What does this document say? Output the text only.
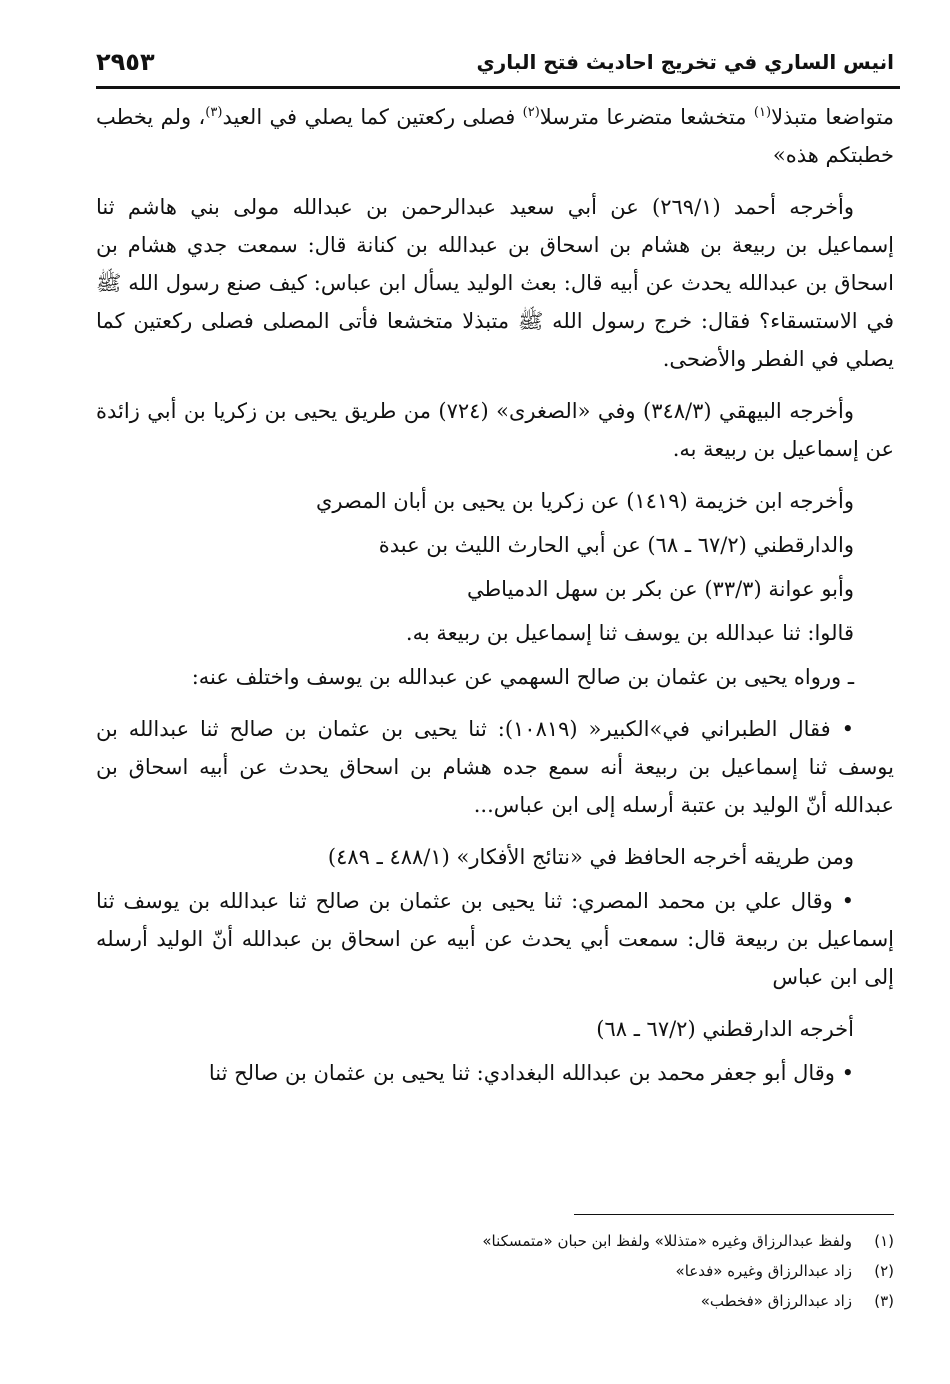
انيس الساري في تخريج احاديث فتح الباري
٢٩٥٣

متواضعا متبذلا$^{(١)}$ متخشعا متضرعا مترسلا$^{(٢)}$ فصلى ركعتين كما يصلي في العيد$^{(٣)}$، ولم يخطب خطبتكم هذه»

وأخرجه أحمد (٢٦٩/١) عن أبي سعيد عبدالرحمن بن عبدالله مولى بني هاشم ثنا إسماعيل بن ربيعة بن هشام بن اسحاق بن عبدالله بن كنانة قال: سمعت جدي هشام بن اسحاق بن عبدالله يحدث عن أبيه قال: بعث الوليد يسأل ابن عباس: كيف صنع رسول الله ﷺ في الاستسقاء؟ فقال: خرج رسول الله ﷺ متبذلا متخشعا فأتى المصلى فصلى ركعتين كما يصلي في الفطر والأضحى.

وأخرجه البيهقي (٣٤٨/٣) وفي «الصغرى» (٧٢٤) من طريق يحيى بن زكريا بن أبي زائدة عن إسماعيل بن ربيعة به.

وأخرجه ابن خزيمة (١٤١٩) عن زكريا بن يحيى بن أبان المصري

والدارقطني (٦٧/٢ ـ ٦٨) عن أبي الحارث الليث بن عبدة

وأبو عوانة (٣٣/٣) عن بكر بن سهل الدمياطي

قالوا: ثنا عبدالله بن يوسف ثنا إسماعيل بن ربيعة به.

ـ ورواه يحيى بن عثمان بن صالح السهمي عن عبدالله بن يوسف واختلف عنه:

• فقال الطبراني في»الكبير« (١٠٨١٩): ثنا يحيى بن عثمان بن صالح ثنا عبدالله بن يوسف ثنا إسماعيل بن ربيعة أنه سمع جده هشام بن اسحاق يحدث عن أبيه اسحاق بن عبدالله أنّ الوليد بن عتبة أرسله إلى ابن عباس...

ومن طريقه أخرجه الحافظ في «نتائج الأفكار» (٤٨٨/١ ـ ٤٨٩)

• وقال علي بن محمد المصري: ثنا يحيى بن عثمان بن صالح ثنا عبدالله بن يوسف ثنا إسماعيل بن ربيعة قال: سمعت أبي يحدث عن أبيه عن اسحاق بن عبدالله أنّ الوليد أرسله إلى ابن عباس

أخرجه الدارقطني (٦٧/٢ ـ ٦٨)

• وقال أبو جعفر محمد بن عبدالله البغدادي: ثنا يحيى بن عثمان بن صالح ثنا

(١)
ولفظ عبدالرزاق وغيره «متذللا» ولفظ ابن حبان «متمسكنا»
(٢)
زاد عبدالرزاق وغيره «فدعا»
(٣)
زاد عبدالرزاق «فخطب»
